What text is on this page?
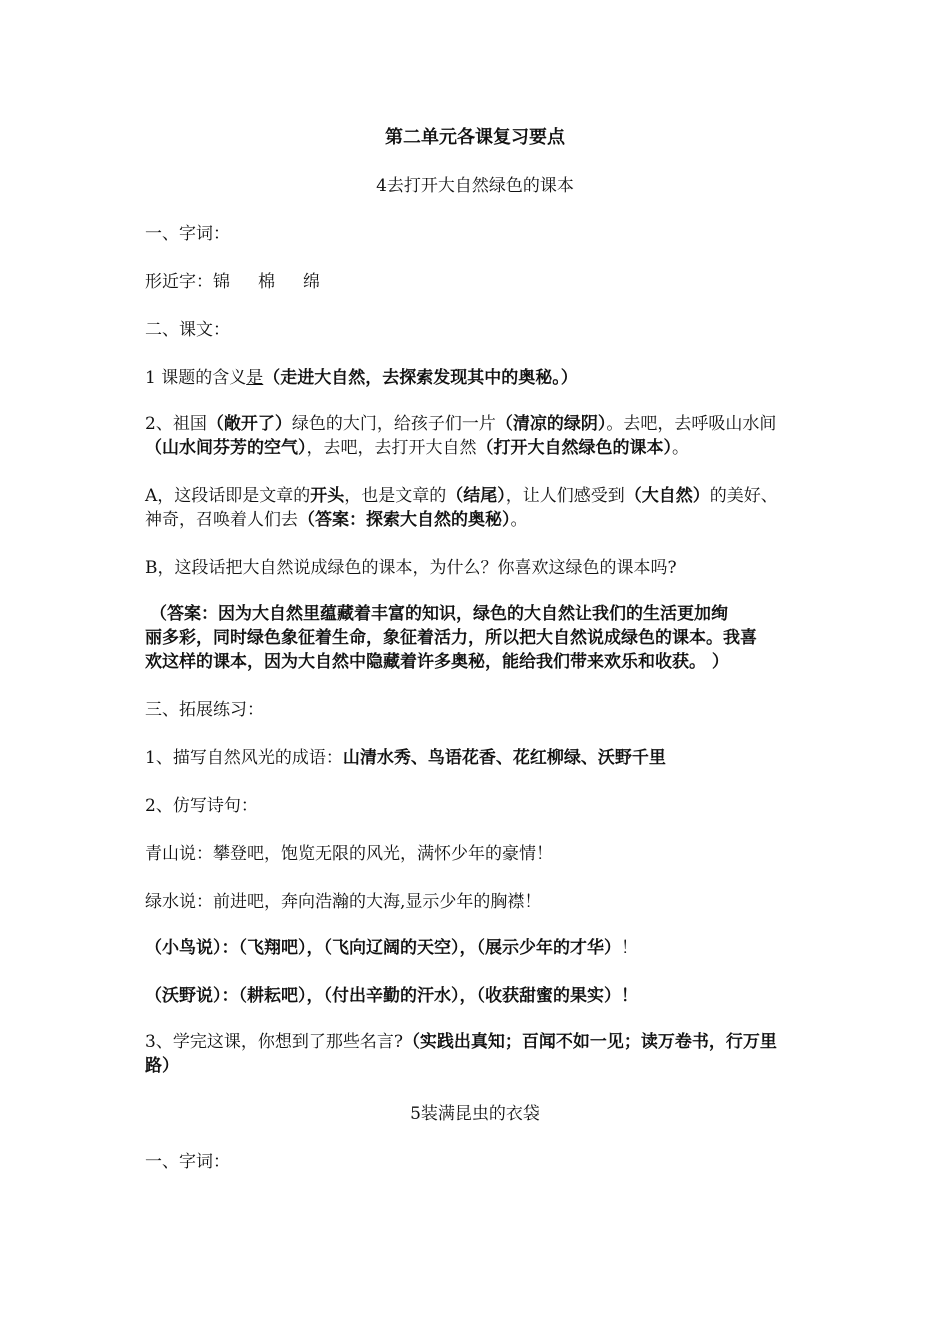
第二单元各课复习要点
4去打开大自然绿色的课本
一、字词：
形近字：锦 棉 绵
二、课文：
1 课题的含义是（走进大自然，去探索发现其中的奥秘。）
2、祖国（敞开了）绿色的大门，给孩子们一片（清凉的绿阴）。去吧，去呼吸山水间
（山水间芬芳的空气），去吧，去打开大自然（打开大自然绿色的课本）。
A，这段话即是文章的开头，也是文章的（结尾），让人们感受到（大自然）的美好、
神奇，召唤着人们去（答案：探索大自然的奥秘）。
B，这段话把大自然说成绿色的课本，为什么？你喜欢这绿色的课本吗?
（答案：因为大自然里蕴藏着丰富的知识，绿色的大自然让我们的生活更加绚
丽多彩，同时绿色象征着生命，象征着活力，所以把大自然说成绿色的课本。我喜
欢这样的课本，因为大自然中隐藏着许多奥秘，能给我们带来欢乐和收获。 ）
三、拓展练习：
1、描写自然风光的成语：山清水秀、鸟语花香、花红柳绿、沃野千里
2、仿写诗句：
青山说：攀登吧，饱览无限的风光，满怀少年的豪情！
绿水说：前进吧，奔向浩瀚的大海,显示少年的胸襟！
（小鸟说）：（飞翔吧），（飞向辽阔的天空），（展示少年的才华）！
（沃野说）：（耕耘吧），（付出辛勤的汗水），（收获甜蜜的果实）！
3、学完这课，你想到了那些名言?（实践出真知；百闻不如一见；读万卷书，行万里
路）
5装满昆虫的衣袋
一、字词：
